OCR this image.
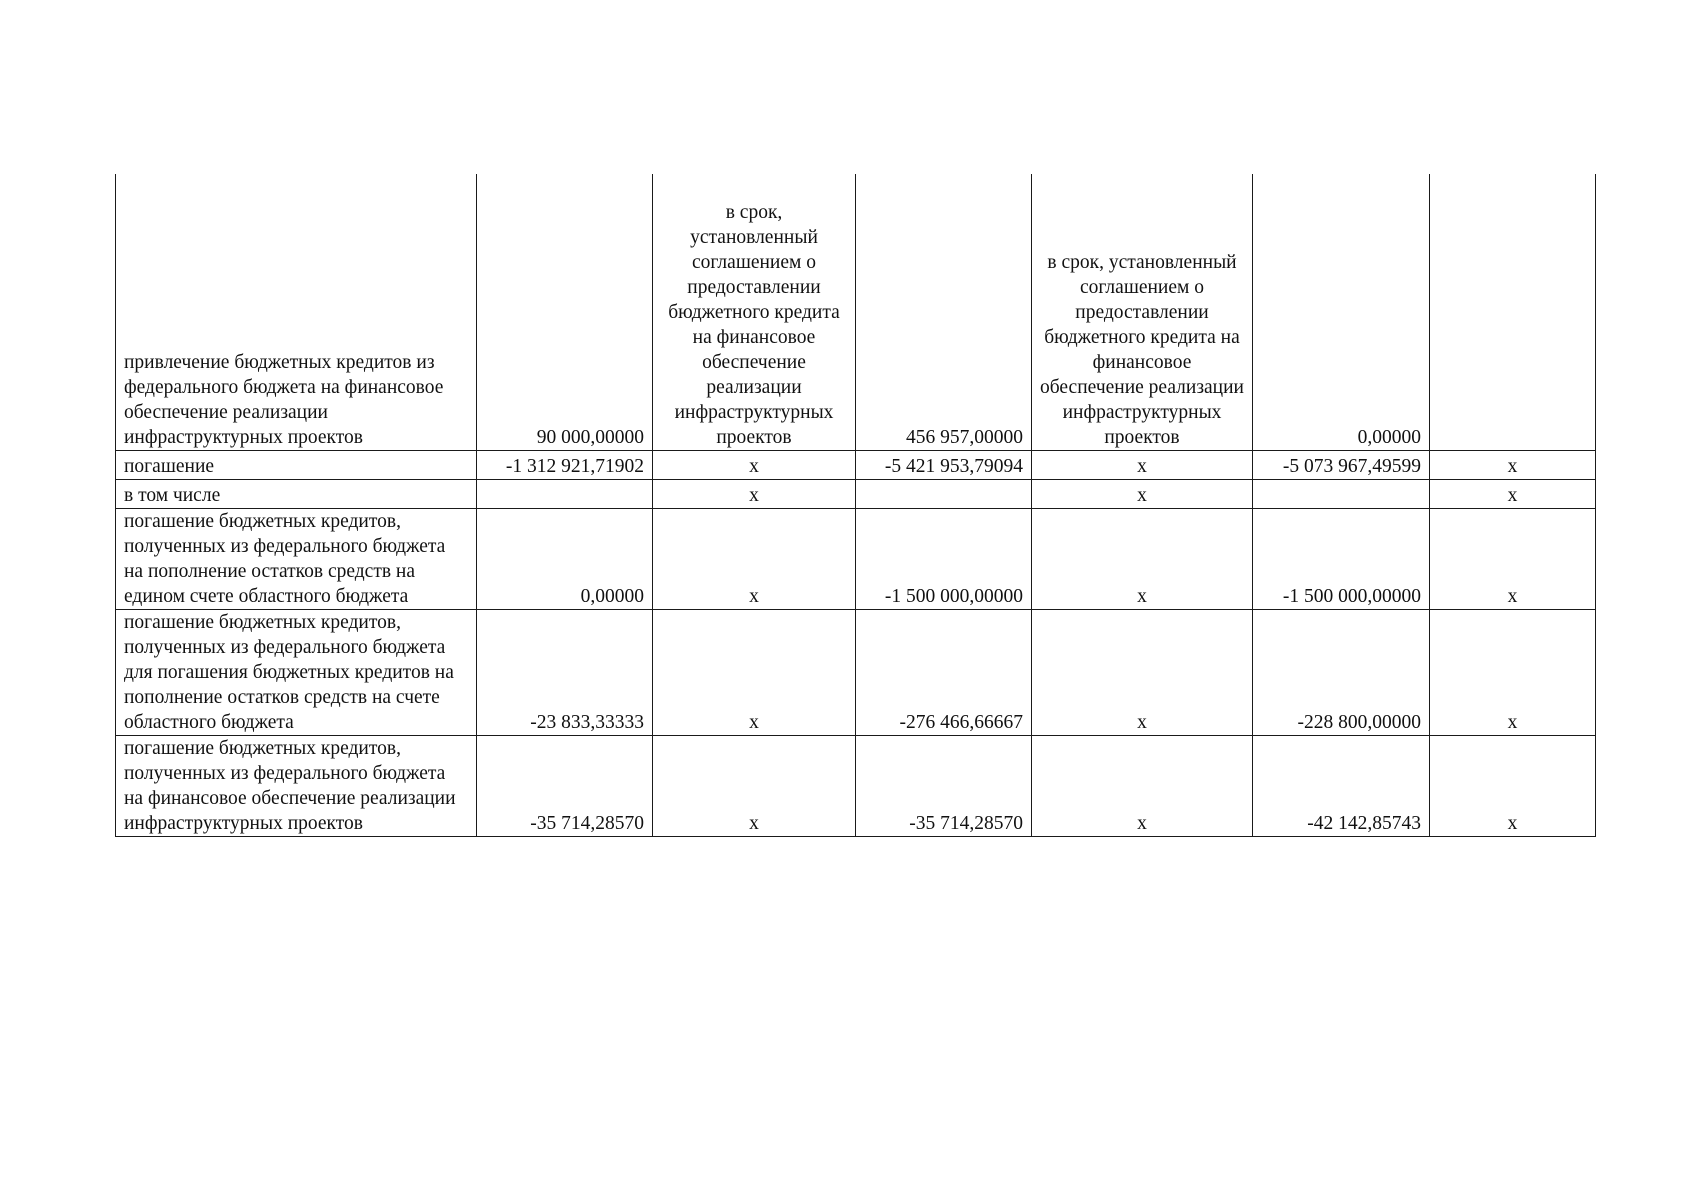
привлечение бюджетных кредитов из федерального бюджета на финансовое обеспечение реализации инфраструктурных проектов	90 000,00000	в срок, установленный соглашением о предоставлении бюджетного кредита на финансовое обеспечение реализации инфраструктурных проектов	456 957,00000	в срок, установленный соглашением о предоставлении бюджетного кредита на финансовое обеспечение реализации инфраструктурных проектов	0,00000	
погашение	-1 312 921,71902	x	-5 421 953,79094	x	-5 073 967,49599	x
в том числе		x		x		x
погашение бюджетных кредитов, полученных из федерального бюджета на пополнение остатков средств на едином счете областного бюджета	0,00000	x	-1 500 000,00000	x	-1 500 000,00000	x
погашение бюджетных кредитов, полученных из федерального бюджета для погашения бюджетных кредитов на пополнение остатков средств на счете областного бюджета	-23 833,33333	x	-276 466,66667	x	-228 800,00000	x
погашение бюджетных кредитов, полученных из федерального бюджета на финансовое обеспечение реализации инфраструктурных проектов	-35 714,28570	x	-35 714,28570	x	-42 142,85743	x
